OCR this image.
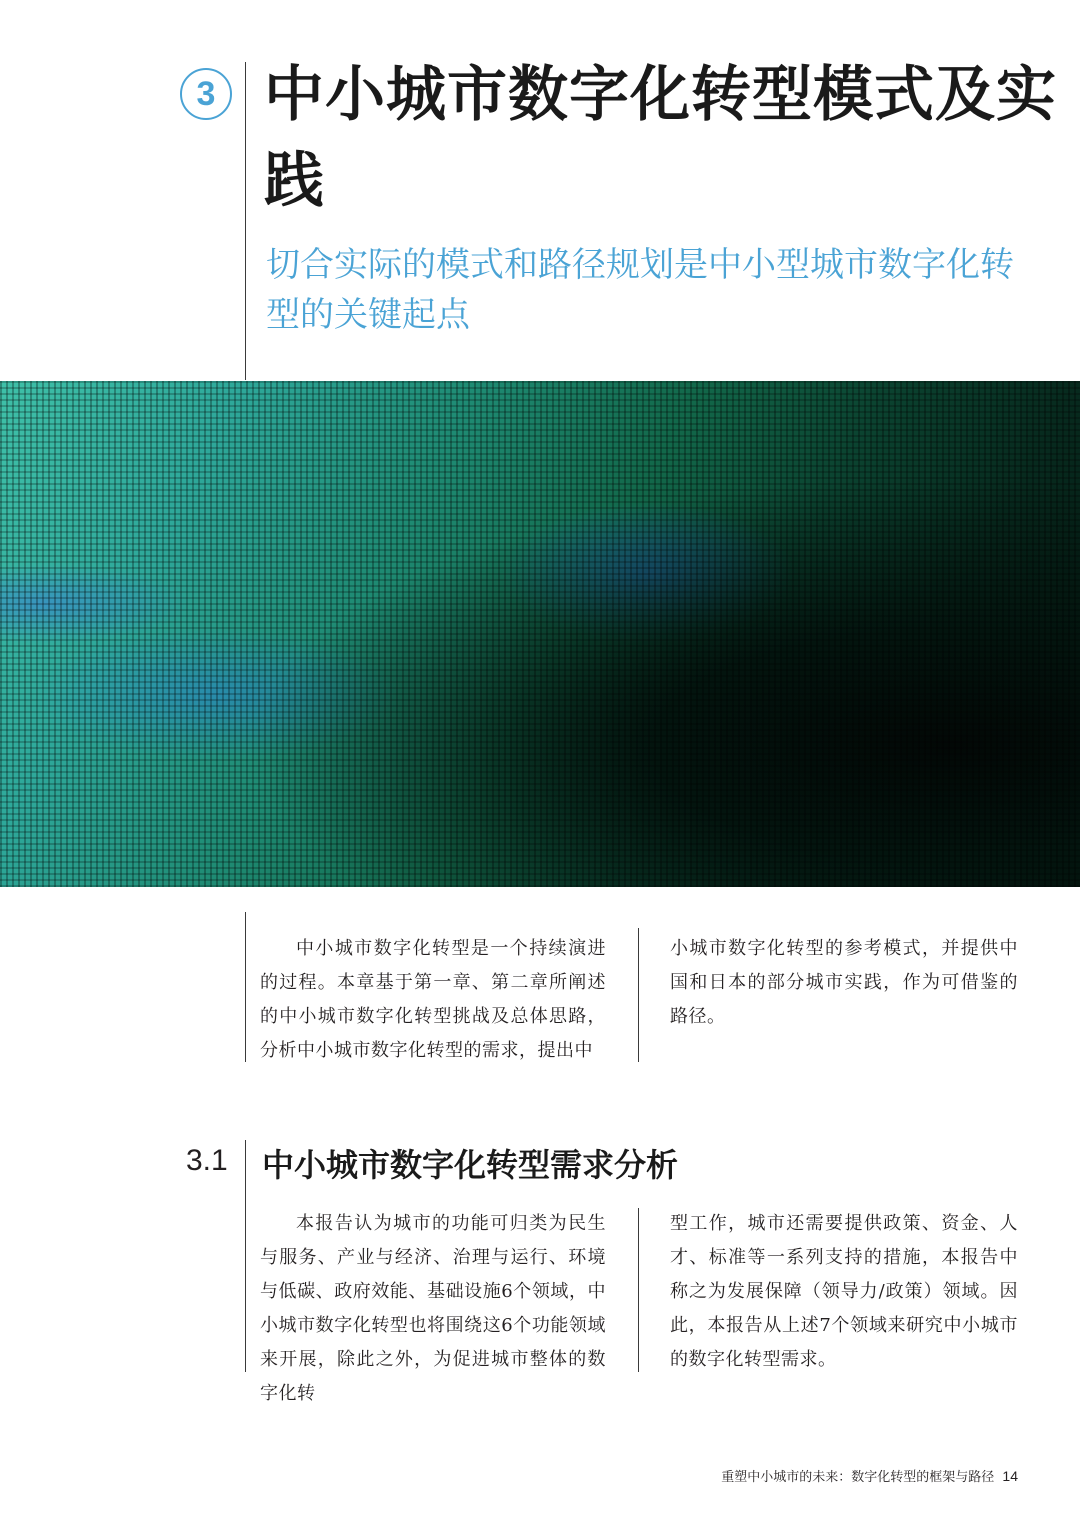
3 中小城市数字化转型模式及实践
切合实际的模式和路径规划是中小型城市数字化转型的关键起点

中小城市数字化转型是一个持续演进的过程。本章基于第一章、第二章所阐述的中小城市数字化转型挑战及总体思路，分析中小城市数字化转型的需求，提出中

小城市数字化转型的参考模式，并提供中国和日本的部分城市实践，作为可借鉴的路径。

3.1 中小城市数字化转型需求分析

本报告认为城市的功能可归类为民生与服务、产业与经济、治理与运行、环境与低碳、政府效能、基础设施6个领域，中小城市数字化转型也将围绕这6个功能领域来开展，除此之外，为促进城市整体的数字化转

型工作，城市还需要提供政策、资金、人才、标准等一系列支持的措施，本报告中称之为发展保障（领导力/政策）领域。因此，本报告从上述7个领域来研究中小城市的数字化转型需求。

重塑中小城市的未来：数字化转型的框架与路径 14
